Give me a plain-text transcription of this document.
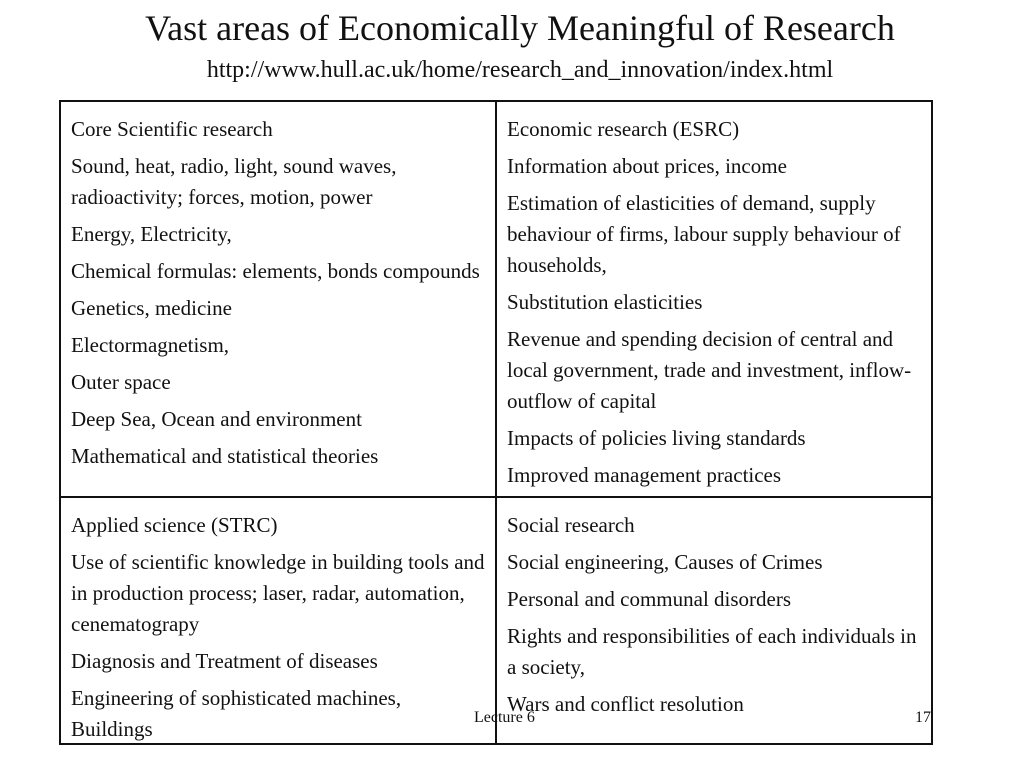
Vast areas of Economically Meaningful of Research
http://www.hull.ac.uk/home/research_and_innovation/index.html
Core Scientific research
Sound, heat, radio, light, sound waves, radioactivity; forces, motion, power
Energy, Electricity,
Chemical formulas: elements, bonds compounds
Genetics, medicine
Electormagnetism,
Outer space
Deep Sea, Ocean and environment
Mathematical and statistical theories
Economic research (ESRC)
Information about prices, income
Estimation of elasticities of demand, supply behaviour of firms, labour supply behaviour of households,
Substitution elasticities
Revenue and spending decision of central and local government, trade and investment, inflow-outflow of capital
Impacts of policies living standards
Improved management practices
Applied science (STRC)
Use of scientific knowledge in building tools and in production process; laser, radar, automation, cenematograpy
Diagnosis and Treatment of diseases
Engineering of sophisticated machines, Buildings
Social research
Social engineering, Causes of Crimes
Personal and communal disorders
Rights and responsibilities of each individuals in a society,
Wars and conflict resolution
Lecture 6	17
